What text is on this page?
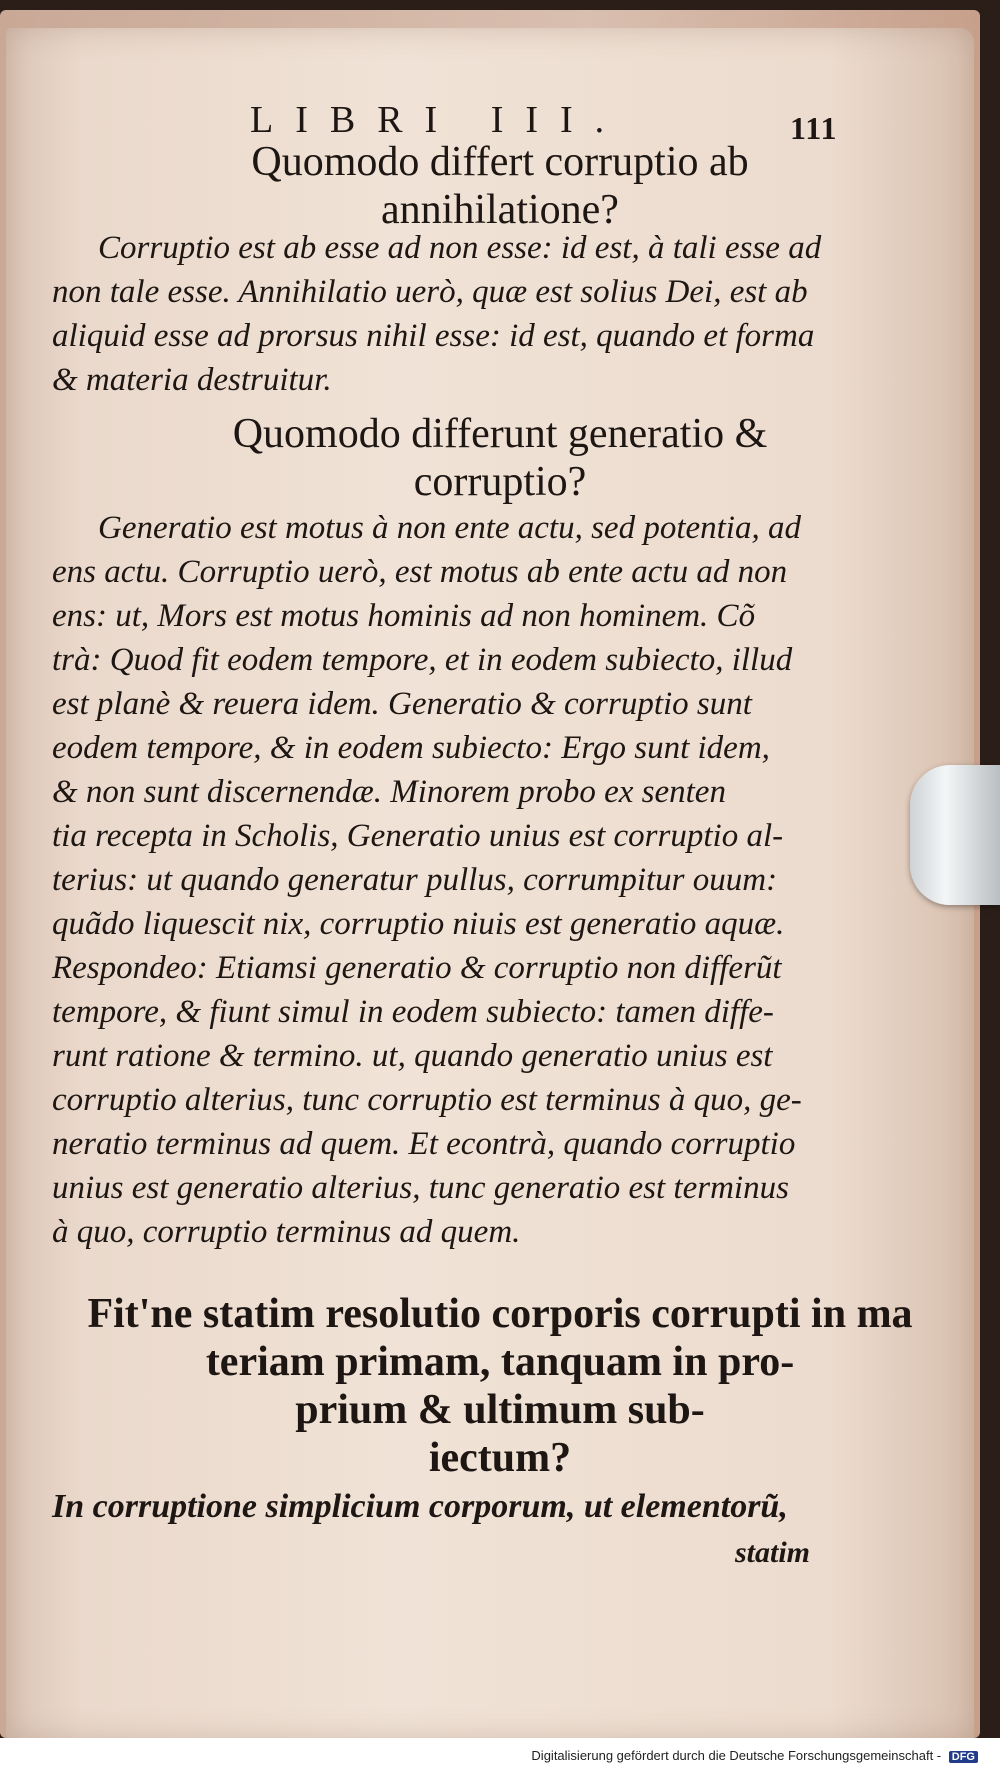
LIBRI III.	111
Quomodo differt corruptio ab
annihilatione?
Corruptio est ab esse ad non esse: id est, à tali esse ad
non tale esse. Annihilatio uerò, quæ est solius Dei, est ab
aliquid esse ad prorsus nihil esse: id est, quando et forma
& materia destruitur.
Quomodo differunt generatio &
corruptio?
Generatio est motus à non ente actu, sed potentia, ad
ens actu. Corruptio uerò, est motus ab ente actu ad non
ens: ut, Mors est motus hominis ad non hominem. Cõ
trà: Quod fit eodem tempore, et in eodem subiecto, illud
est planè & reuera idem. Generatio & corruptio sunt
eodem tempore, & in eodem subiecto: Ergo sunt idem,
& non sunt discernendæ. Minorem probo ex senten
tia recepta in Scholis, Generatio unius est corruptio al-
terius: ut quando generatur pullus, corrumpitur ouum:
quãdo liquescit nix, corruptio niuis est generatio aquæ.
Respondeo: Etiamsi generatio & corruptio non differũt
tempore, & fiunt simul in eodem subiecto: tamen diffe-
runt ratione & termino. ut, quando generatio unius est
corruptio alterius, tunc corruptio est terminus à quo, ge-
neratio terminus ad quem. Et econtrà, quando corruptio
unius est generatio alterius, tunc generatio est terminus
à quo, corruptio terminus ad quem.
Fit'ne statim resolutio corporis corrupti in ma
teriam primam, tanquam in pro-
prium & ultimum sub-
iectum?
In corruptione simplicium corporum, ut elementorũ,
statim
Digitalisierung gefördert durch die Deutsche Forschungsgemeinschaft - DFG
